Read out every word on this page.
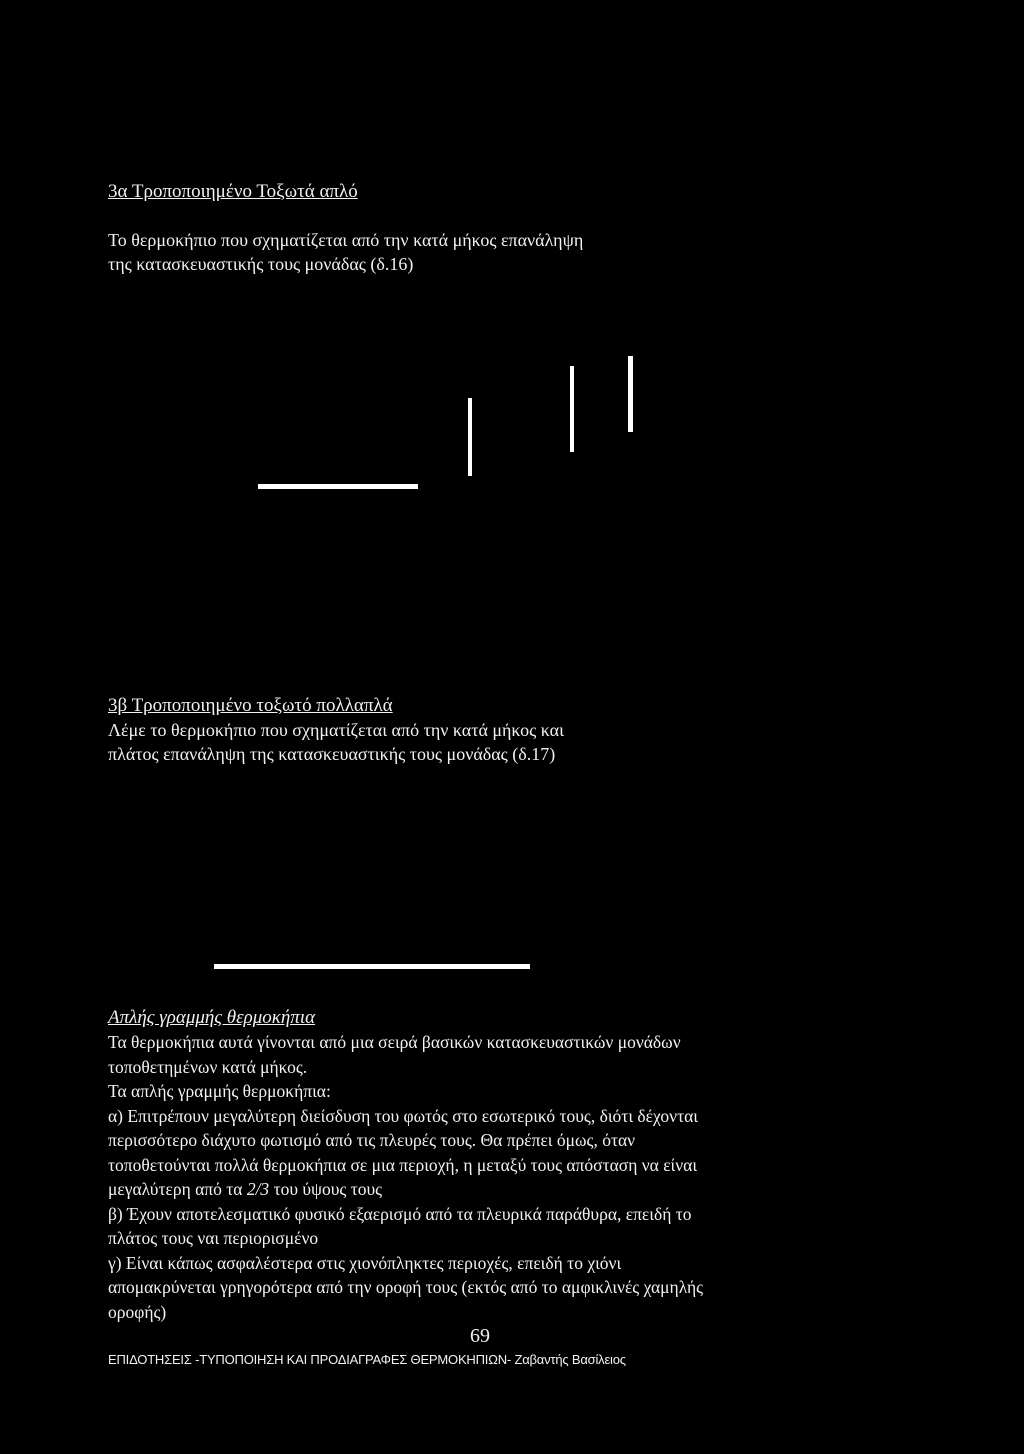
3α Τροποποιημένο Τοξωτά απλό
Το θερμοκήπιο που σχηματίζεται από την κατά μήκος επανάληψη
της κατασκευαστικής τους μονάδας (δ.16)
3β Τροποποιημένο τοξωτό πολλαπλά
Λέμε το θερμοκήπιο που σχηματίζεται από την κατά μήκος και
πλάτος επανάληψη της κατασκευαστικής τους μονάδας (δ.17)
Απλής γραμμής θερμοκήπια
Τα θερμοκήπια αυτά γίνονται από μια σειρά βασικών κατασκευαστικών μονάδων
τοποθετημένων κατά μήκος.
Τα απλής γραμμής θερμοκήπια:
α) Επιτρέπουν μεγαλύτερη διείσδυση του φωτός στο εσωτερικό τους, διότι δέχονται
περισσότερο διάχυτο φωτισμό από τις πλευρές τους. Θα πρέπει όμως, όταν
τοποθετούνται πολλά θερμοκήπια σε μια περιοχή, η μεταξύ τους απόσταση να είναι
μεγαλύτερη από τα 2/3 του ύψους τους
β) Έχουν αποτελεσματικό φυσικό εξαερισμό από τα πλευρικά παράθυρα, επειδή το
πλάτος τους ναι περιορισμένο
γ) Είναι κάπως ασφαλέστερα στις χιονόπληκτες περιοχές, επειδή το χιόνι
απομακρύνεται γρηγορότερα από την οροφή τους (εκτός από το αμφικλινές χαμηλής
οροφής)
69
ΕΠΙΔΟΤΗΣΕΙΣ -ΤΥΠΟΠΟΙΗΣΗ ΚΑΙ ΠΡΟΔΙΑΓΡΑΦΕΣ ΘΕΡΜΟΚΗΠΙΩΝ- Ζαβαντής Βασίλειος
